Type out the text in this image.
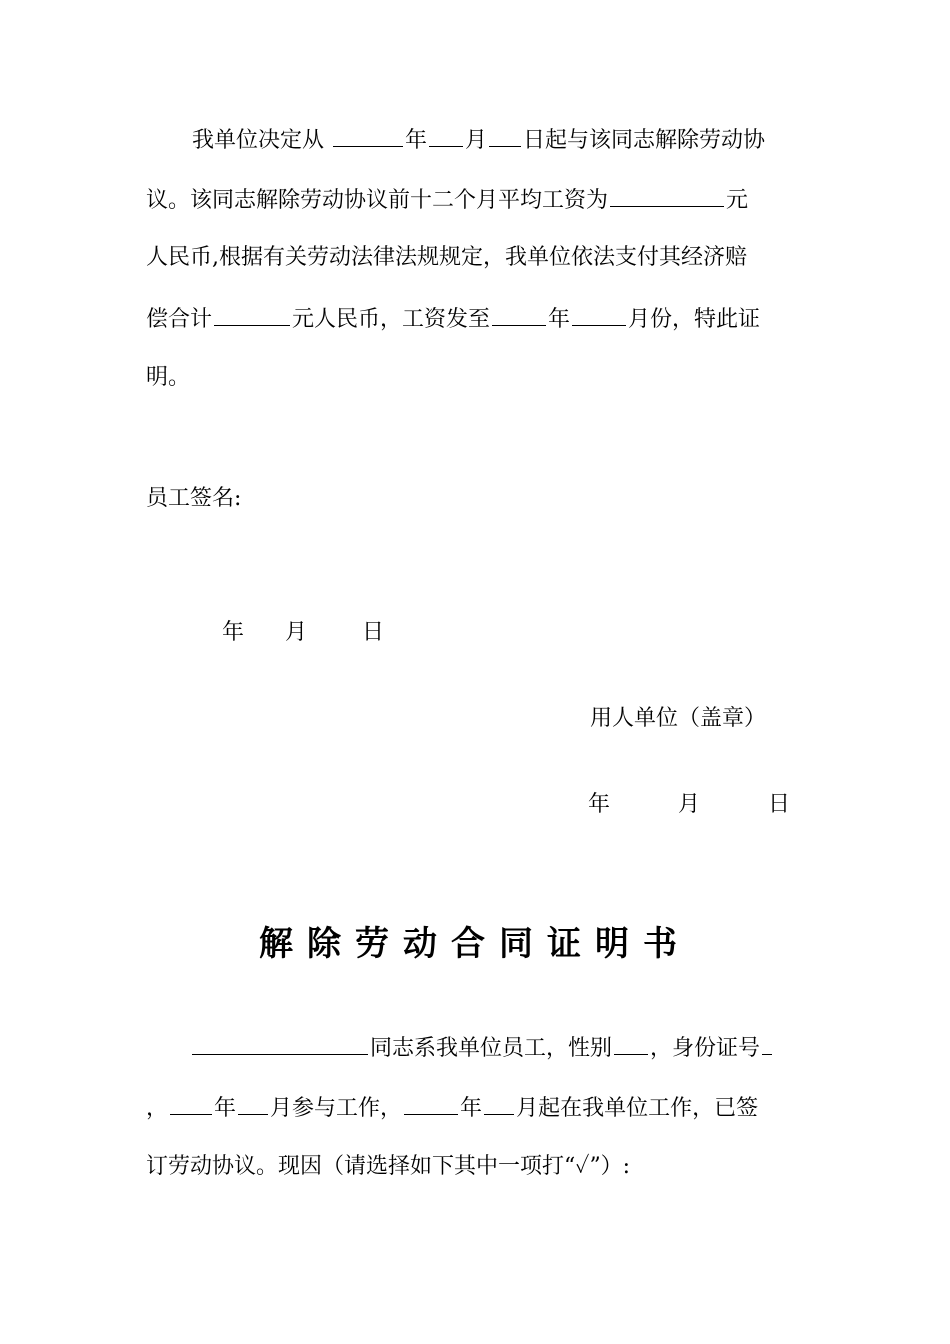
我单位决定从	年 月 日起与该同志解除劳动协
议。该同志解除劳动协议前十二个月平均工资为	元
人民币,根据有关劳动法律法规规定，我单位依法支付其经济赔
偿合计	元人民币，工资发至	年	月份，特此证
明。
员工签名:
年 月 日
用人单位（盖章）
年	月	日
解除劳动合同证明书
同志系我单位员工，性别 ，身份证号
， 年 月参与工作，	年 月起在我单位工作，已签
订劳动协议。现因（请选择如下其中一项打“✓”）:
